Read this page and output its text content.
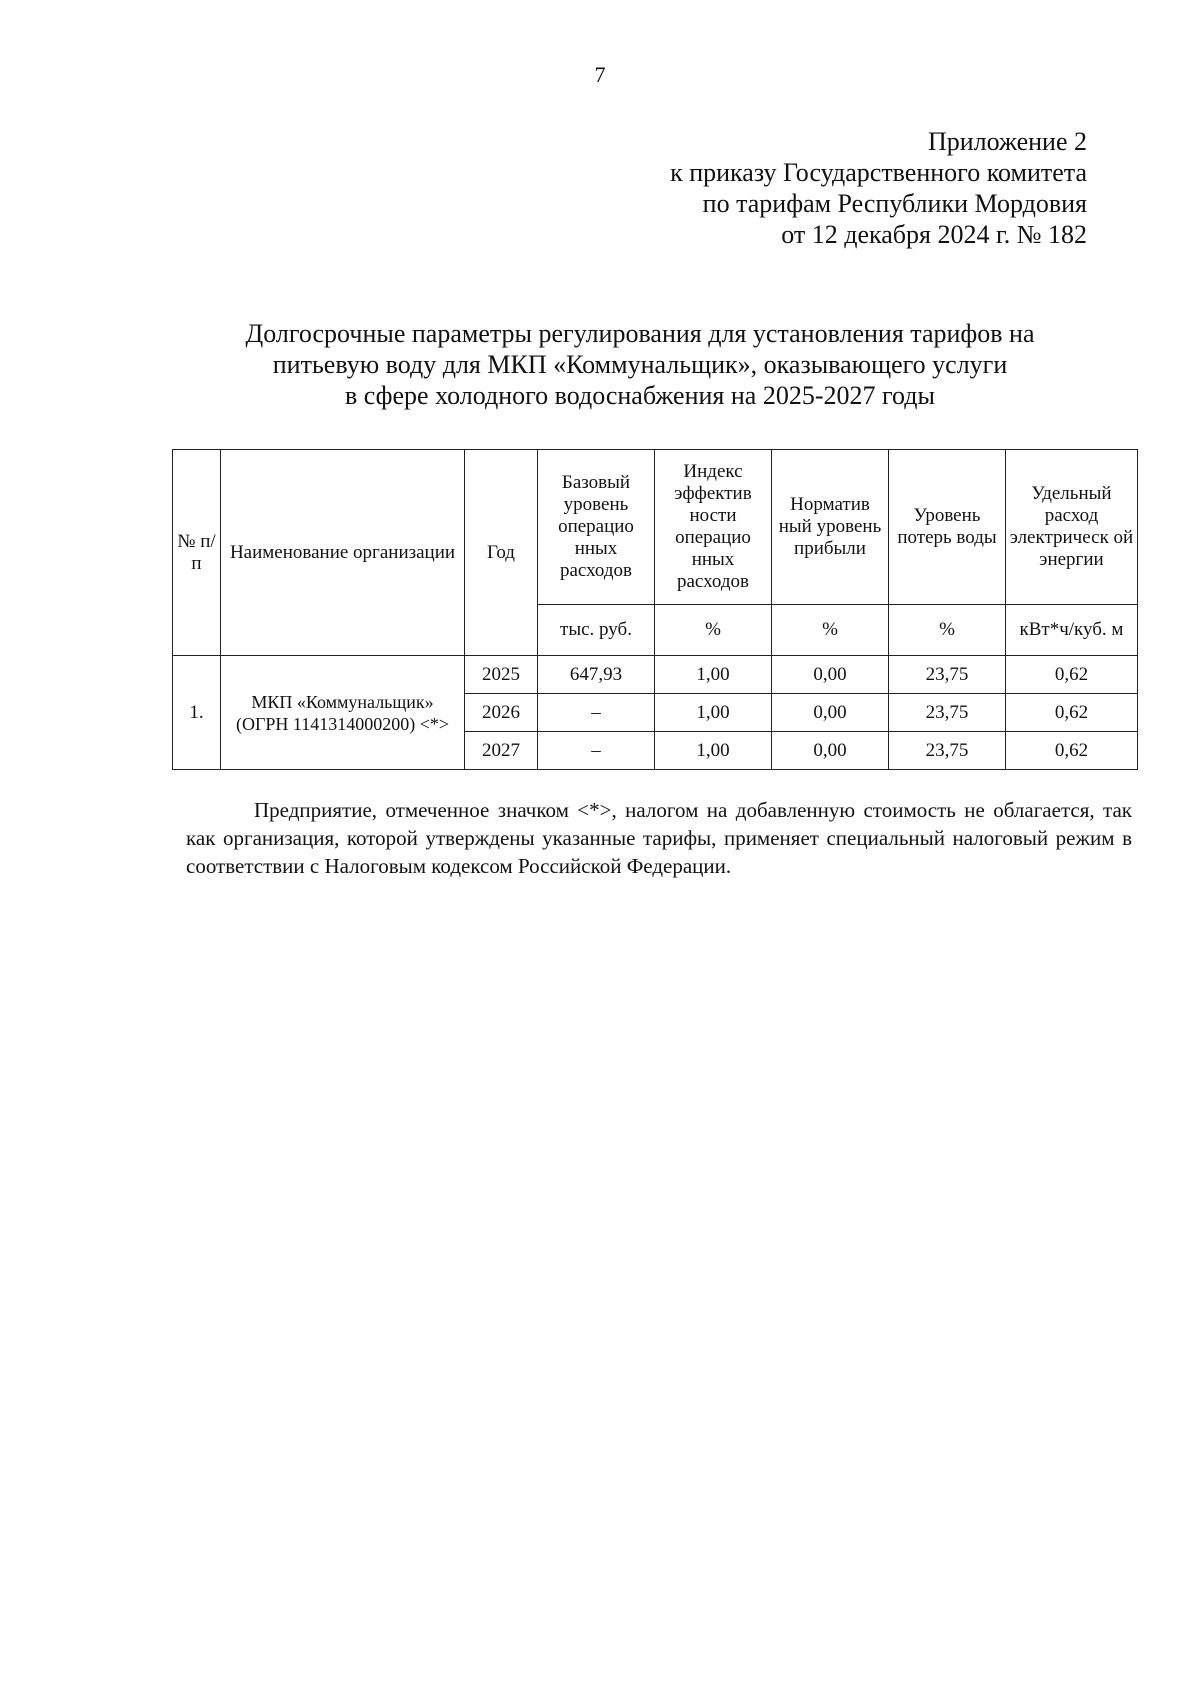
7
Приложение 2
к приказу Государственного комитета
по тарифам Республики Мордовия
от 12 декабря 2024 г. № 182
Долгосрочные параметры регулирования для установления тарифов на
питьевую воду для МКП «Коммунальщик», оказывающего услуги
в сфере холодного водоснабжения на 2025-2027 годы
№ п/ п	Наименование организации	Год	Базовый уровень операцио нных расходов	Индекс эффектив ности операцио нных расходов	Норматив ный уровень прибыли	Уровень потерь воды	Удельный расход электрическ ой энергии
			тыс. руб.	%	%	%	кВт*ч/куб. м
1.	МКП «Коммунальщик» (ОГРН 1141314000200) <*>	2025	647,93	1,00	0,00	23,75	0,62
		2026	–	1,00	0,00	23,75	0,62
		2027	–	1,00	0,00	23,75	0,62
Предприятие, отмеченное значком <*>, налогом на добавленную стоимость не облагается, так как организация, которой утверждены указанные тарифы, применяет специальный налоговый режим в соответствии с Налоговым кодексом Российской Федерации.
